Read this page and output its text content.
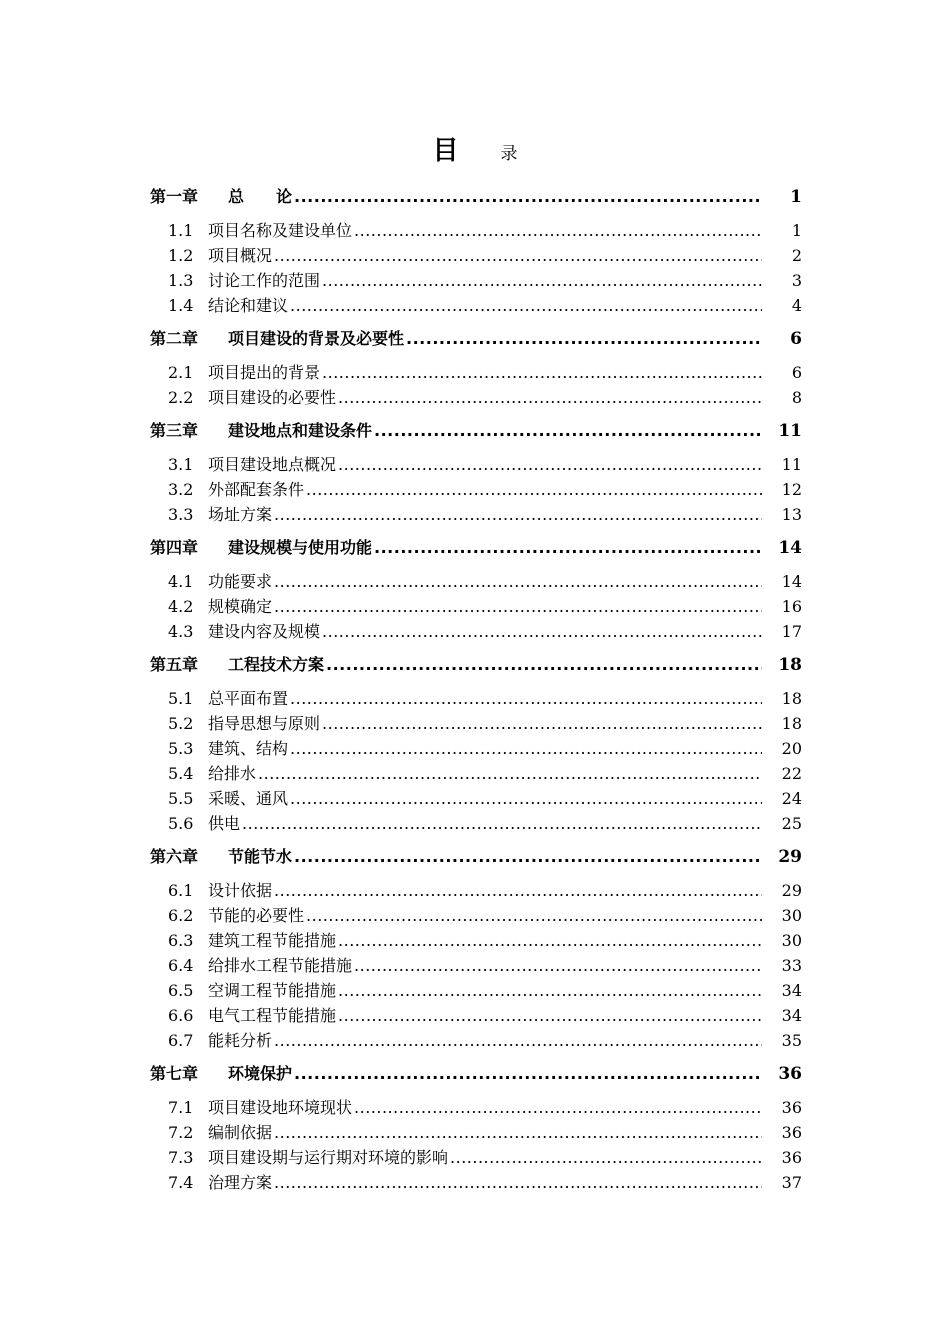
目 录
第一章 总　　论 .....	1
1.1 项目名称及建设单位 .....	1
1.2 项目概况 .....	2
1.3 讨论工作的范围 .....	3
1.4 结论和建议 .....	4
第二章 项目建设的背景及必要性 .....	6
2.1 项目提出的背景 .....	6
2.2 项目建设的必要性 .....	8
第三章 建设地点和建设条件 .....	11
3.1 项目建设地点概况 .....	11
3.2 外部配套条件 .....	12
3.3 场址方案 .....	13
第四章 建设规模与使用功能 .....	14
4.1 功能要求 .....	14
4.2 规模确定 .....	16
4.3 建设内容及规模 .....	17
第五章 工程技术方案 .....	18
5.1 总平面布置 .....	18
5.2 指导思想与原则 .....	18
5.3 建筑、结构 .....	20
5.4 给排水 .....	22
5.5 采暖、通风 .....	24
5.6 供电 .....	25
第六章 节能节水 .....	29
6.1 设计依据 .....	29
6.2 节能的必要性 .....	30
6.3 建筑工程节能措施 .....	30
6.4 给排水工程节能措施 .....	33
6.5 空调工程节能措施 .....	34
6.6 电气工程节能措施 .....	34
6.7 能耗分析 .....	35
第七章 环境保护 .....	36
7.1 项目建设地环境现状 .....	36
7.2 编制依据 .....	36
7.3 项目建设期与运行期对环境的影响 .....	36
7.4 治理方案 .....	37
